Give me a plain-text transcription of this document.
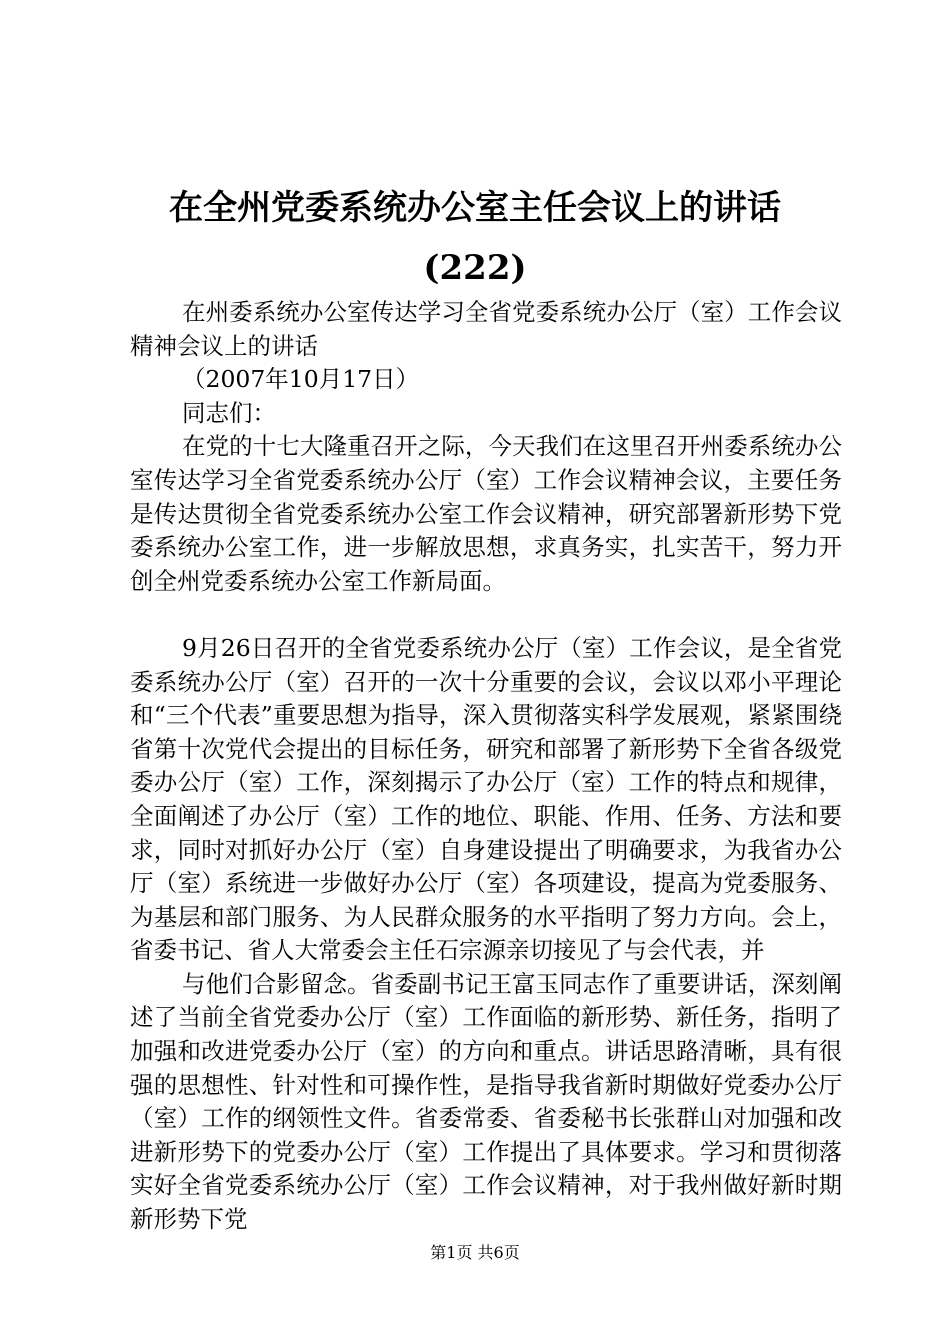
在全州党委系统办公室主任会议上的讲话
(222)

在州委系统办公室传达学习全省党委系统办公厅（室）工作会议精神会议上的讲话

（2007年10月17日）

同志们：

在党的十七大隆重召开之际，今天我们在这里召开州委系统办公室传达学习全省党委系统办公厅（室）工作会议精神会议，主要任务是传达贯彻全省党委系统办公室工作会议精神，研究部署新形势下党委系统办公室工作，进一步解放思想，求真务实，扎实苦干，努力开创全州党委系统办公室工作新局面。

9月26日召开的全省党委系统办公厅（室）工作会议，是全省党委系统办公厅（室）召开的一次十分重要的会议，会议以邓小平理论和“三个代表”重要思想为指导，深入贯彻落实科学发展观，紧紧围绕省第十次党代会提出的目标任务，研究和部署了新形势下全省各级党委办公厅（室）工作，深刻揭示了办公厅（室）工作的特点和规律，全面阐述了办公厅（室）工作的地位、职能、作用、任务、方法和要求，同时对抓好办公厅（室）自身建设提出了明确要求，为我省办公厅（室）系统进一步做好办公厅（室）各项建设，提高为党委服务、为基层和部门服务、为人民群众服务的水平指明了努力方向。会上，省委书记、省人大常委会主任石宗源亲切接见了与会代表，并

与他们合影留念。省委副书记王富玉同志作了重要讲话，深刻阐述了当前全省党委办公厅（室）工作面临的新形势、新任务，指明了加强和改进党委办公厅（室）的方向和重点。讲话思路清晰，具有很强的思想性、针对性和可操作性，是指导我省新时期做好党委办公厅（室）工作的纲领性文件。省委常委、省委秘书长张群山对加强和改进新形势下的党委办公厅（室）工作提出了具体要求。学习和贯彻落实好全省党委系统办公厅（室）工作会议精神，对于我州做好新时期新形势下党

第1页 共6页
